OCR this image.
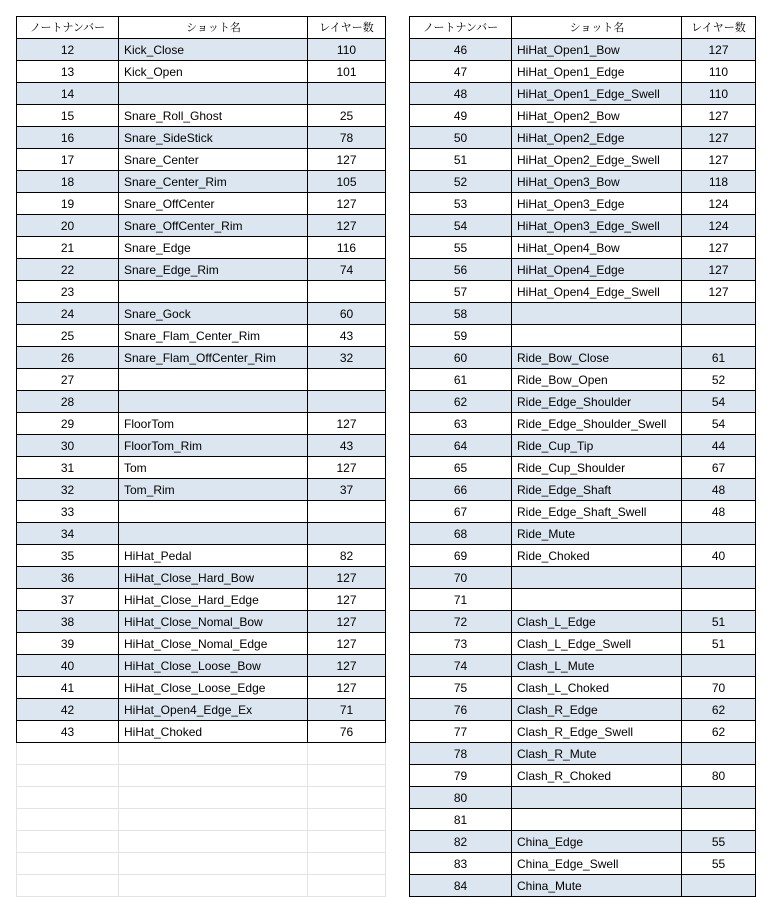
ノートナンバー	ショット名	レイヤー数
12	Kick_Close	110
13	Kick_Open	101
14		
15	Snare_Roll_Ghost	25
16	Snare_SideStick	78
17	Snare_Center	127
18	Snare_Center_Rim	105
19	Snare_OffCenter	127
20	Snare_OffCenter_Rim	127
21	Snare_Edge	116
22	Snare_Edge_Rim	74
23		
24	Snare_Gock	60
25	Snare_Flam_Center_Rim	43
26	Snare_Flam_OffCenter_Rim	32
27		
28		
29	FloorTom	127
30	FloorTom_Rim	43
31	Tom	127
32	Tom_Rim	37
33		
34		
35	HiHat_Pedal	82
36	HiHat_Close_Hard_Bow	127
37	HiHat_Close_Hard_Edge	127
38	HiHat_Close_Nomal_Bow	127
39	HiHat_Close_Nomal_Edge	127
40	HiHat_Close_Loose_Bow	127
41	HiHat_Close_Loose_Edge	127
42	HiHat_Open4_Edge_Ex	71
43	HiHat_Choked	76

ノートナンバー	ショット名	レイヤー数
46	HiHat_Open1_Bow	127
47	HiHat_Open1_Edge	110
48	HiHat_Open1_Edge_Swell	110
49	HiHat_Open2_Bow	127
50	HiHat_Open2_Edge	127
51	HiHat_Open2_Edge_Swell	127
52	HiHat_Open3_Bow	118
53	HiHat_Open3_Edge	124
54	HiHat_Open3_Edge_Swell	124
55	HiHat_Open4_Bow	127
56	HiHat_Open4_Edge	127
57	HiHat_Open4_Edge_Swell	127
58		
59		
60	Ride_Bow_Close	61
61	Ride_Bow_Open	52
62	Ride_Edge_Shoulder	54
63	Ride_Edge_Shoulder_Swell	54
64	Ride_Cup_Tip	44
65	Ride_Cup_Shoulder	67
66	Ride_Edge_Shaft	48
67	Ride_Edge_Shaft_Swell	48
68	Ride_Mute	
69	Ride_Choked	40
70		
71		
72	Clash_L_Edge	51
73	Clash_L_Edge_Swell	51
74	Clash_L_Mute	
75	Clash_L_Choked	70
76	Clash_R_Edge	62
77	Clash_R_Edge_Swell	62
78	Clash_R_Mute	
79	Clash_R_Choked	80
80		
81		
82	China_Edge	55
83	China_Edge_Swell	55
84	China_Mute	
